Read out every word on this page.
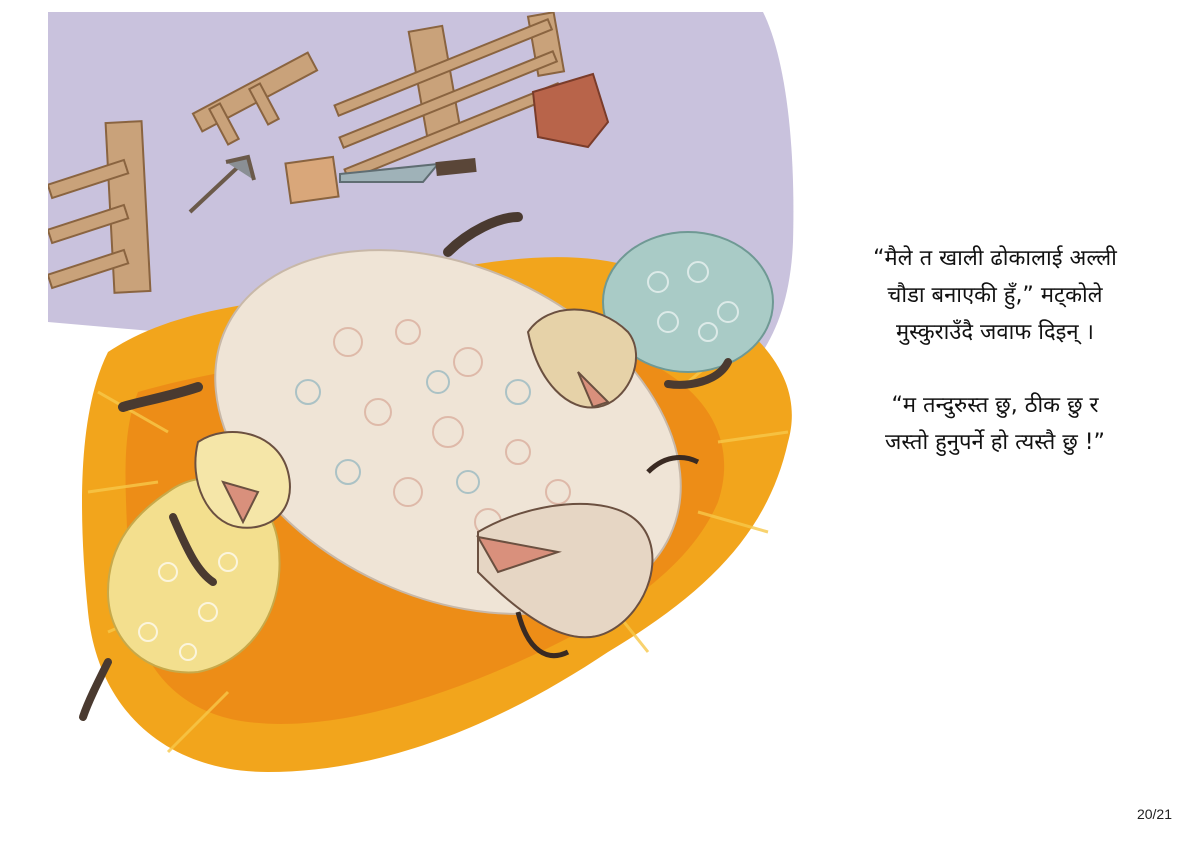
“मैले त खाली ढोकालाई अल्ली

चौडा बनाएकी हुँ,” मट्कोले

मुस्कुराउँदै जवाफ दिइन् ।

“म तन्दुरुस्त छु, ठीक छु र

जस्तो हुनुपर्ने हो त्यस्तै छु !”

20/21
